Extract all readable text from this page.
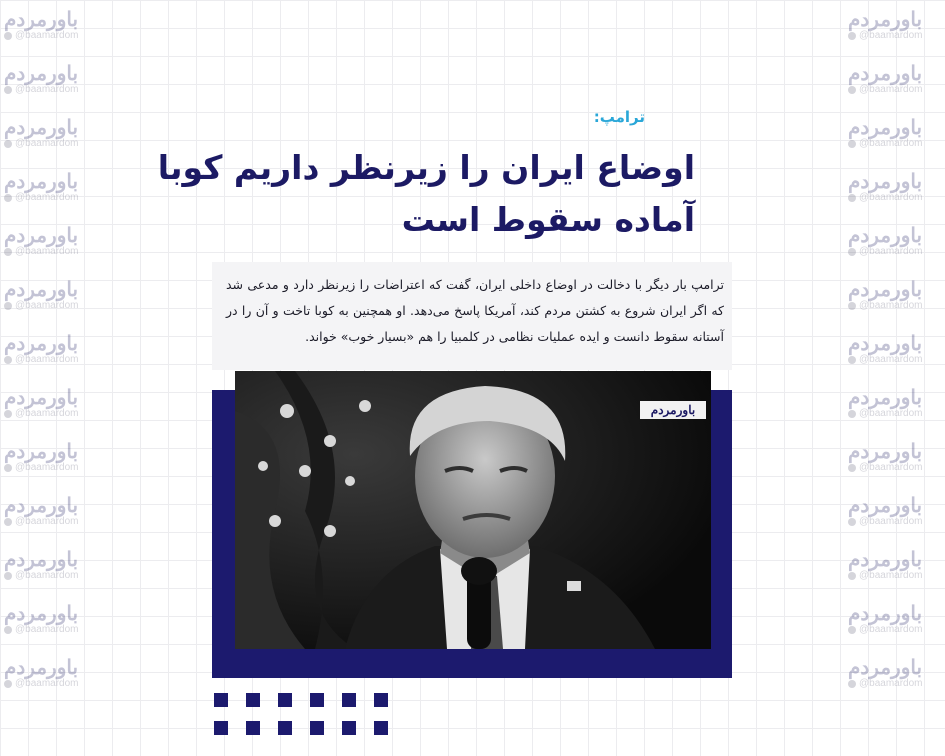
باورمردم
@baamardom
باورمردم
@baamardom
باورمردم
@baamardom
باورمردم
@baamardom
باورمردم
@baamardom
باورمردم
@baamardom
باورمردم
@baamardom
باورمردم
@baamardom
باورمردم
@baamardom
باورمردم
@baamardom
باورمردم
@baamardom
باورمردم
@baamardom
باورمردم
@baamardom
باورمردم
@baamardom
باورمردم
@baamardom
باورمردم
@baamardom
باورمردم
@baamardom
باورمردم
@baamardom
باورمردم
@baamardom
باورمردم
@baamardom
باورمردم
@baamardom
باورمردم
@baamardom
باورمردم
@baamardom
باورمردم
@baamardom
باورمردم
@baamardom
باورمردم
@baamardom
ترامپ:
اوضاع ایران را زیرنظر داریم کوبا آماده سقوط است
ترامپ بار دیگر با دخالت در اوضاع داخلی ایران، گفت که اعتراضات را زیرنظر دارد و مدعی شد که اگر ایران شروع به کشتن مردم کند، آمریکا پاسخ می‌دهد. او همچنین به کوبا تاخت و آن را در آستانه سقوط دانست و ایده عملیات نظامی در کلمبیا را هم «بسیار خوب» خواند.
باورمردم
